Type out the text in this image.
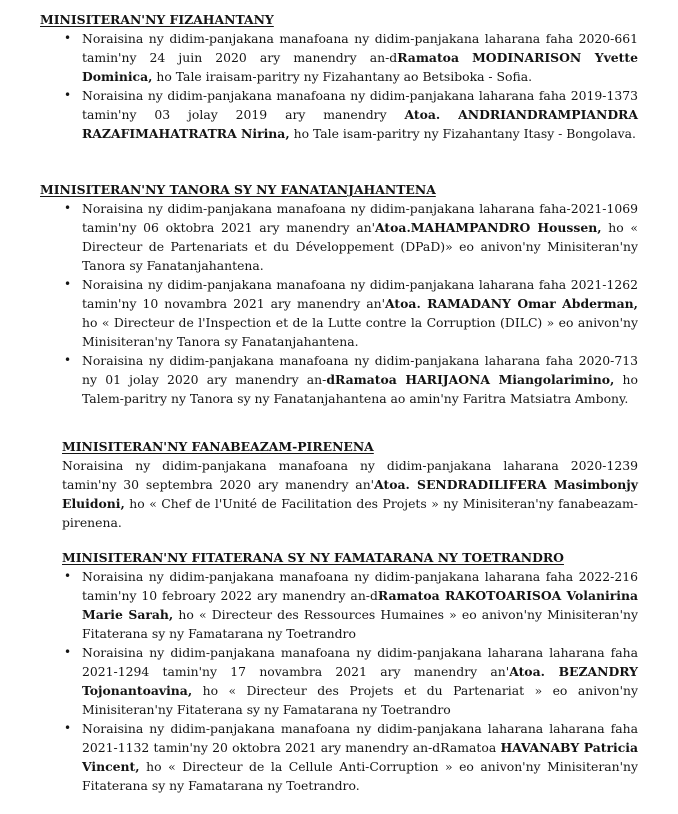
MINISITERAN'NY FIZAHANTANY
• Noraisina ny didim-panjakana manafoana ny didim-panjakana laharana faha 2020-661 tamin'ny 24 juin 2020 ary manendry an-dRamatoa MODINARISON Yvette Dominica, ho Tale iraisam-paritry ny Fizahantany ao Betsiboka - Sofia.

• Noraisina ny didim-panjakana manafoana ny didim-panjakana laharana faha 2019-1373 tamin'ny 03 jolay 2019 ary manendry Atoa. ANDRIANDRAMPIANDRA RAZAFIMAHATRATRA Nirina, ho Tale isam-paritry ny Fizahantany Itasy - Bongolava.

MINISITERAN'NY TANORA SY NY FANATANJAHANTENA
• Noraisina ny didim-panjakana manafoana ny didim-panjakana laharana faha-2021-1069 tamin'ny 06 oktobra 2021 ary manendry an'Atoa.MAHAMPANDRO Houssen, ho « Directeur de Partenariats et du Développement (DPaD)» eo anivon'ny Minisiteran'ny Tanora sy Fanatanjahantena.

• Noraisina ny didim-panjakana manafoana ny didim-panjakana laharana faha 2021-1262 tamin'ny 10 novambra 2021 ary manendry an'Atoa. RAMADANY Omar Abderman, ho « Directeur de l'Inspection et de la Lutte contre la Corruption (DILC) » eo anivon'ny Minisiteran'ny Tanora sy Fanatanjahantena.

• Noraisina ny didim-panjakana manafoana ny didim-panjakana laharana faha 2020-713 ny 01 jolay 2020 ary manendry an-dRamatoa HARIJAONA Miangolarimino, ho Talem-paritry ny Tanora sy ny Fanatanjahantena ao amin'ny Faritra Matsiatra Ambony.

MINISITERAN'NY FANABEAZAM-PIRENENA

Noraisina ny didim-panjakana manafoana ny didim-panjakana laharana 2020-1239 tamin'ny 30 septembra 2020 ary manendry an'Atoa. SENDRADILIFERA Masimbonjy Eluidoni, ho « Chef de l'Unité de Facilitation des Projets » ny Minisiteran'ny fanabeazam-pirenena.

MINISITERAN'NY FITATERANA SY NY FAMATARANA NY TOETRANDRO
• Noraisina ny didim-panjakana manafoana ny didim-panjakana laharana faha 2022-216 tamin'ny 10 febroary 2022 ary manendry an-dRamatoa RAKOTOARISOA Volanirina Marie Sarah, ho « Directeur des Ressources Humaines » eo anivon'ny Minisiteran'ny Fitaterana sy ny Famatarana ny Toetrandro

• Noraisina ny didim-panjakana manafoana ny didim-panjakana laharana laharana faha 2021-1294 tamin'ny 17 novambra 2021 ary manendry an'Atoa. BEZANDRY Tojonantoavina, ho « Directeur des Projets et du Partenariat » eo anivon'ny Minisiteran'ny Fitaterana sy ny Famatarana ny Toetrandro

• Noraisina ny didim-panjakana manafoana ny didim-panjakana laharana laharana faha 2021-1132 tamin'ny 20 oktobra 2021 ary manendry an-dRamatoa HAVANABY Patricia Vincent, ho « Directeur de la Cellule Anti-Corruption » eo anivon'ny Minisiteran'ny Fitaterana sy ny Famatarana ny Toetrandro.
